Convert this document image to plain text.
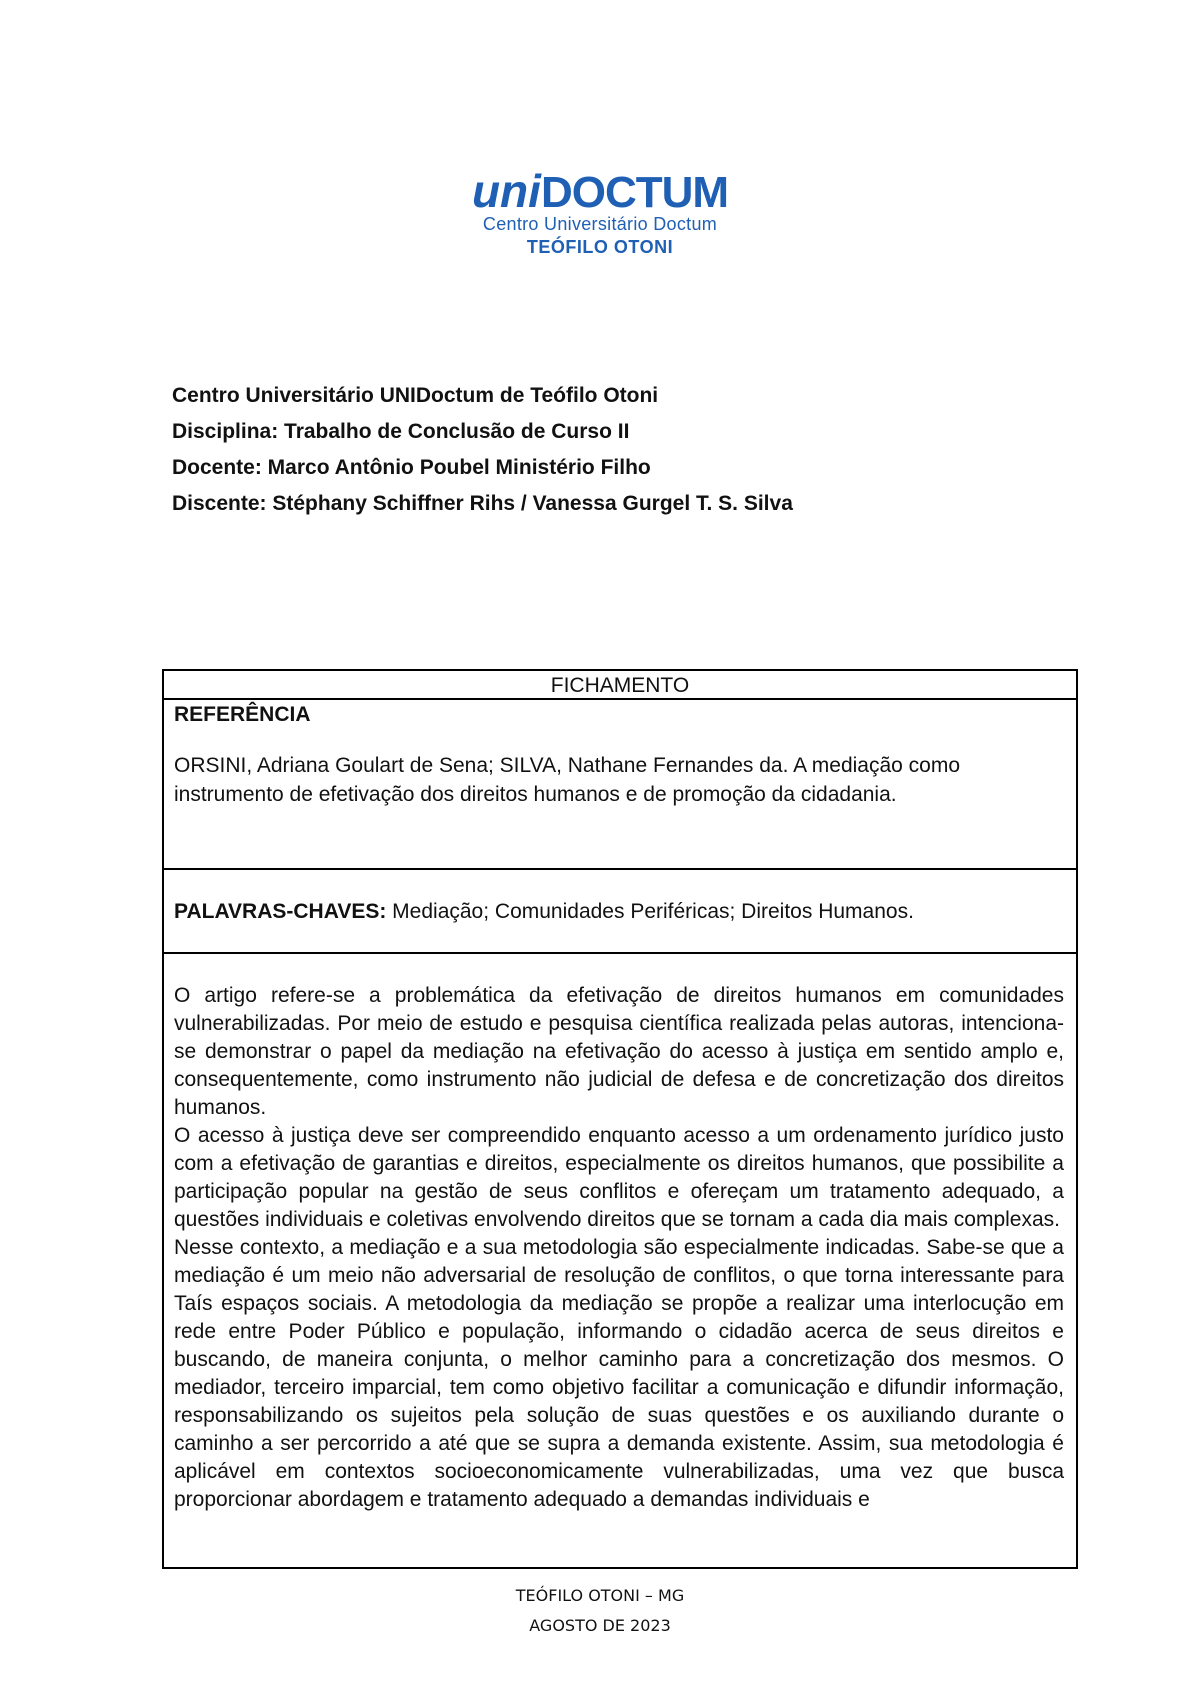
uniDOCTUM
Centro Universitário Doctum
TEÓFILO OTONI
Centro Universitário UNIDoctum de Teófilo Otoni
Disciplina: Trabalho de Conclusão de Curso II
Docente: Marco Antônio Poubel Ministério Filho
Discente: Stéphany Schiffner Rihs / Vanessa Gurgel T. S. Silva
FICHAMENTO
REFERÊNCIA
ORSINI, Adriana Goulart de Sena; SILVA, Nathane Fernandes da. A mediação como instrumento de efetivação dos direitos humanos e de promoção da cidadania.
PALAVRAS-CHAVES: Mediação; Comunidades Periféricas; Direitos Humanos.

O artigo refere-se a problemática da efetivação de direitos humanos em comunidades vulnerabilizadas. Por meio de estudo e pesquisa científica realizada pelas autoras, intenciona-se demonstrar o papel da mediação na efetivação do acesso à justiça em sentido amplo e, consequentemente, como instrumento não judicial de defesa e de concretização dos direitos humanos.

O acesso à justiça deve ser compreendido enquanto acesso a um ordenamento jurídico justo com a efetivação de garantias e direitos, especialmente os direitos humanos, que possibilite a participação popular na gestão de seus conflitos e ofereçam um tratamento adequado, a questões individuais e coletivas envolvendo direitos que se tornam a cada dia mais complexas.

Nesse contexto, a mediação e a sua metodologia são especialmente indicadas. Sabe-se que a mediação é um meio não adversarial de resolução de conflitos, o que torna interessante para Taís espaços sociais. A metodologia da mediação se propõe a realizar uma interlocução em rede entre Poder Público e população, informando o cidadão acerca de seus direitos e buscando, de maneira conjunta, o melhor caminho para a concretização dos mesmos. O mediador, terceiro imparcial, tem como objetivo facilitar a comunicação e difundir informação, responsabilizando os sujeitos pela solução de suas questões e os auxiliando durante o caminho a ser percorrido a até que se supra a demanda existente. Assim, sua metodologia é aplicável em contextos socioeconomicamente vulnerabilizadas, uma vez que busca proporcionar abordagem e tratamento adequado a demandas individuais e

TEÓFILO OTONI – MG
AGOSTO DE 2023
